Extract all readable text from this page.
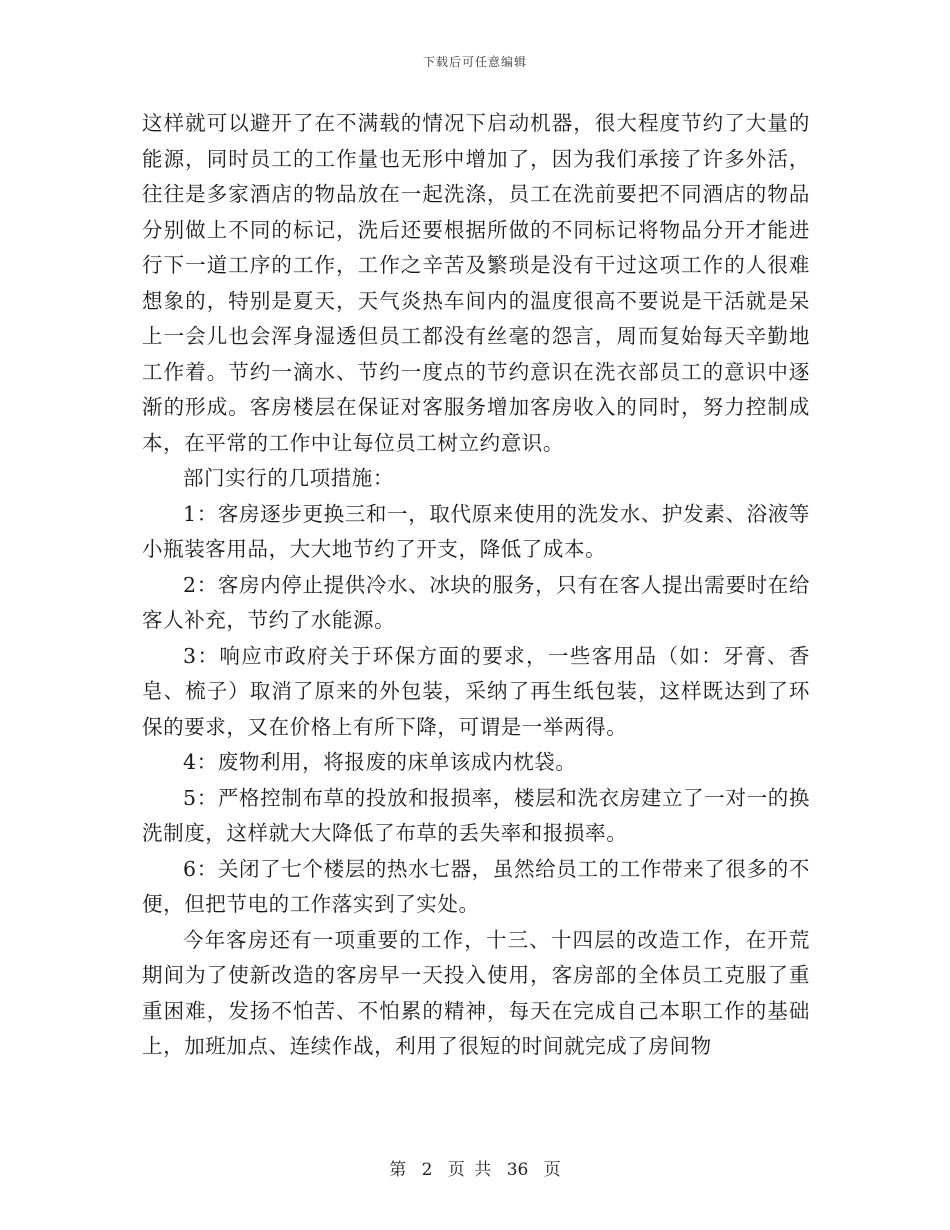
下载后可任意编辑

这样就可以避开了在不满载的情况下启动机器，很大程度节约了大量的能源，同时员工的工作量也无形中增加了，因为我们承接了许多外活，往往是多家酒店的物品放在一起洗涤，员工在洗前要把不同酒店的物品分别做上不同的标记，洗后还要根据所做的不同标记将物品分开才能进行下一道工序的工作，工作之辛苦及繁琐是没有干过这项工作的人很难想象的，特别是夏天，天气炎热车间内的温度很高不要说是干活就是呆上一会儿也会浑身湿透但员工都没有丝毫的怨言，周而复始每天辛勤地工作着。节约一滴水、节约一度点的节约意识在洗衣部员工的意识中逐渐的形成。客房楼层在保证对客服务增加客房收入的同时，努力控制成本，在平常的工作中让每位员工树立约意识。

部门实行的几项措施：

1：客房逐步更换三和一，取代原来使用的洗发水、护发素、浴液等小瓶装客用品，大大地节约了开支，降低了成本。

2：客房内停止提供冷水、冰块的服务，只有在客人提出需要时在给客人补充，节约了水能源。

3：响应市政府关于环保方面的要求，一些客用品（如：牙膏、香皂、梳子）取消了原来的外包装，采纳了再生纸包装，这样既达到了环保的要求，又在价格上有所下降，可谓是一举两得。

4：废物利用，将报废的床单该成内枕袋。

5：严格控制布草的投放和报损率，楼层和洗衣房建立了一对一的换洗制度，这样就大大降低了布草的丢失率和报损率。

6：关闭了七个楼层的热水七器，虽然给员工的工作带来了很多的不便，但把节电的工作落实到了实处。

今年客房还有一项重要的工作，十三、十四层的改造工作，在开荒期间为了使新改造的客房早一天投入使用，客房部的全体员工克服了重重困难，发扬不怕苦、不怕累的精神，每天在完成自己本职工作的基础上，加班加点、连续作战，利用了很短的时间就完成了房间物

第 2 页 共 36 页
